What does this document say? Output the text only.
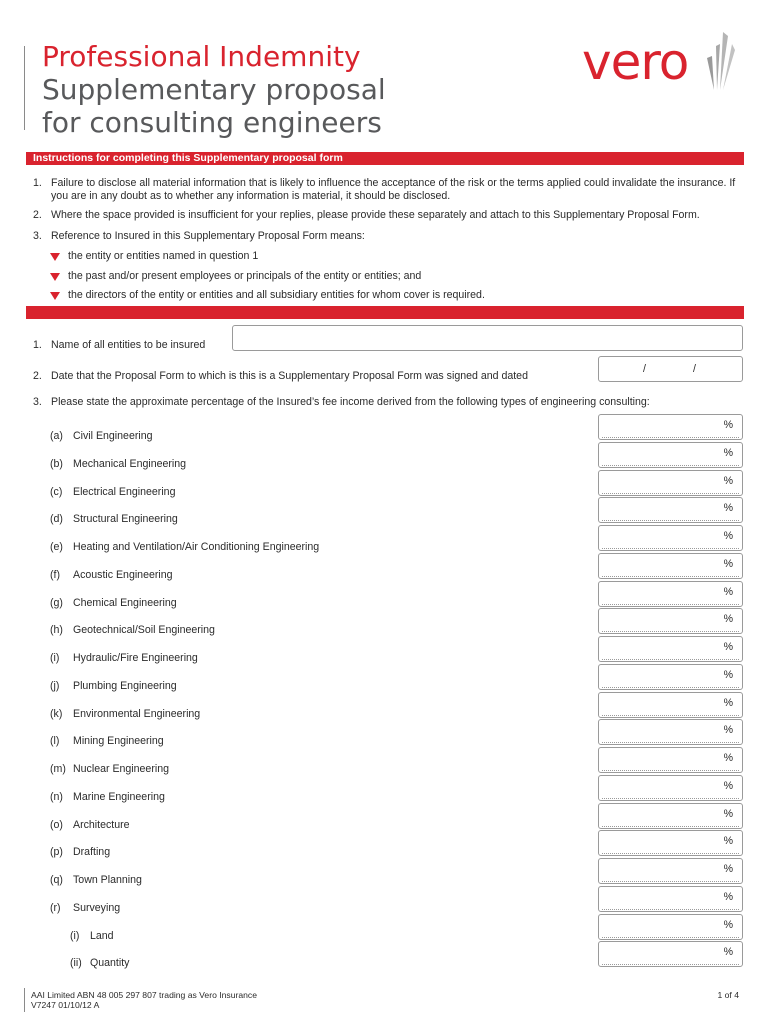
Professional Indemnity
Supplementary proposal
for consulting engineers
vero
Instructions for completing this Supplementary proposal form
1. Failure to disclose all material information that is likely to influence the acceptance of the risk or the terms applied could invalidate the insurance. If you are in any doubt as to whether any information is material, it should be disclosed.
2. Where the space provided is insufficient for your replies, please provide these separately and attach to this Supplementary Proposal Form.
3. Reference to Insured in this Supplementary Proposal Form means:
the entity or entities named in question 1
the past and/or present employees or principals of the entity or entities; and
the directors of the entity or entities and all subsidiary entities for whom cover is required.
1. Name of all entities to be insured
2. Date that the Proposal Form to which is this is a Supplementary Proposal Form was signed and dated
/	/
3. Please state the approximate percentage of the Insured’s fee income derived from the following types of engineering consulting:
(a) Civil Engineering
%
(b) Mechanical Engineering
%
(c) Electrical Engineering
%
(d) Structural Engineering
%
(e) Heating and Ventilation/Air Conditioning Engineering
%
(f) Acoustic Engineering
%
(g) Chemical Engineering
%
(h) Geotechnical/Soil Engineering
%
(i) Hydraulic/Fire Engineering
%
(j) Plumbing Engineering
%
(k) Environmental Engineering
%
(l) Mining Engineering
%
(m) Nuclear Engineering
%
(n) Marine Engineering
%
(o) Architecture
%
(p) Drafting
%
(q) Town Planning
%
(r) Surveying
%
(i) Land
%
(ii) Quantity
%
AAI Limited ABN 48 005 297 807 trading as Vero Insurance
V7247 01/10/12 A
1 of 4
